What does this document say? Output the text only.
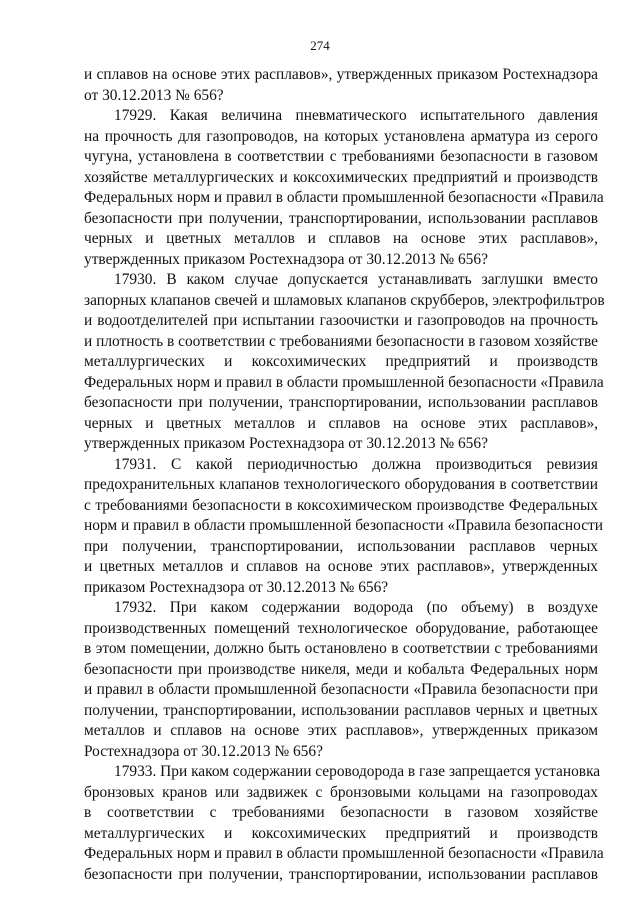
274
и сплавов на основе этих расплавов», утвержденных приказом Ростехнадзора
от 30.12.2013 № 656?
17929. Какая величина пневматического испытательного давления
на прочность для газопроводов, на которых установлена арматура из серого
чугуна, установлена в соответствии с требованиями безопасности в газовом
хозяйстве металлургических и коксохимических предприятий и производств
Федеральных норм и правил в области промышленной безопасности «Правила
безопасности при получении, транспортировании, использовании расплавов
черных и цветных металлов и сплавов на основе этих расплавов»,
утвержденных приказом Ростехнадзора от 30.12.2013 № 656?
17930. В каком случае допускается устанавливать заглушки вместо
запорных клапанов свечей и шламовых клапанов скрубберов, электрофильтров
и водоотделителей при испытании газоочистки и газопроводов на прочность
и плотность в соответствии с требованиями безопасности в газовом хозяйстве
металлургических и коксохимических предприятий и производств
Федеральных норм и правил в области промышленной безопасности «Правила
безопасности при получении, транспортировании, использовании расплавов
черных и цветных металлов и сплавов на основе этих расплавов»,
утвержденных приказом Ростехнадзора от 30.12.2013 № 656?
17931. С какой периодичностью должна производиться ревизия
предохранительных клапанов технологического оборудования в соответствии
с требованиями безопасности в коксохимическом производстве Федеральных
норм и правил в области промышленной безопасности «Правила безопасности
при получении, транспортировании, использовании расплавов черных
и цветных металлов и сплавов на основе этих расплавов», утвержденных
приказом Ростехнадзора от 30.12.2013 № 656?
17932. При каком содержании водорода (по объему) в воздухе
производственных помещений технологическое оборудование, работающее
в этом помещении, должно быть остановлено в соответствии с требованиями
безопасности при производстве никеля, меди и кобальта Федеральных норм
и правил в области промышленной безопасности «Правила безопасности при
получении, транспортировании, использовании расплавов черных и цветных
металлов и сплавов на основе этих расплавов», утвержденных приказом
Ростехнадзора от 30.12.2013 № 656?
17933. При каком содержании сероводорода в газе запрещается установка
бронзовых кранов или задвижек с бронзовыми кольцами на газопроводах
в соответствии с требованиями безопасности в газовом хозяйстве
металлургических и коксохимических предприятий и производств
Федеральных норм и правил в области промышленной безопасности «Правила
безопасности при получении, транспортировании, использовании расплавов
